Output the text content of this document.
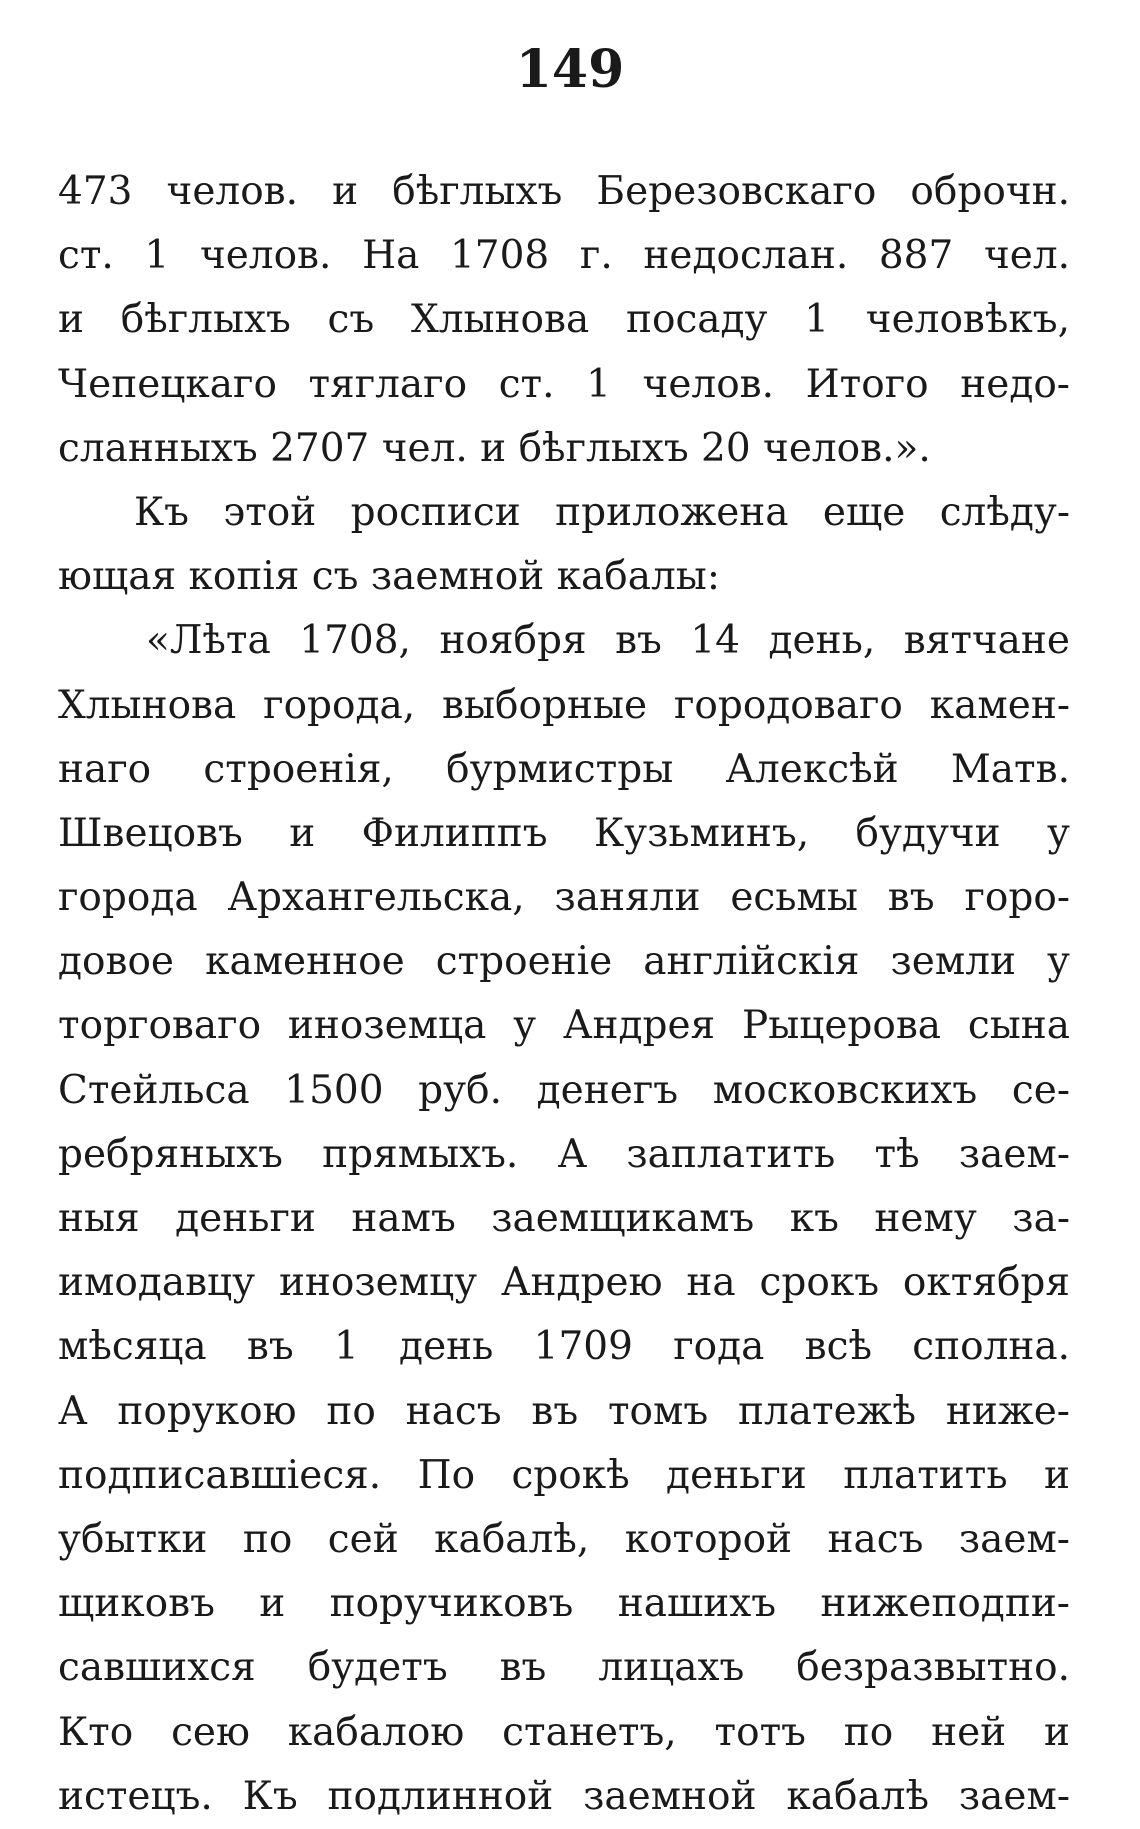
149
473 челов. и бѣглыхъ Березовскаго оброчн.
ст. 1 челов. На 1708 г. недослан. 887 чел.
и бѣглыхъ съ Хлынова посаду 1 человѣкъ,
Чепецкаго тяглаго ст. 1 челов. Итого недо-
сланныхъ 2707 чел. и бѣглыхъ 20 челов.».
Къ этой росписи приложена еще слѣду-
ющая копія съ заемной кабалы:
«Лѣта 1708, ноября въ 14 день, вятчане
Хлынова города, выборные городоваго камен-
наго строенія, бурмистры Алексѣй Матв.
Швецовъ и Филиппъ Кузьминъ, будучи у
города Архангельска, заняли есьмы въ горо-
довое каменное строеніе англійскія земли у
торговаго иноземца у Андрея Рыцерова сына
Стейльса 1500 руб. денегъ московскихъ се-
ребряныхъ прямыхъ. А заплатить тѣ заем-
ныя деньги намъ заемщикамъ къ нему за-
имодавцу иноземцу Андрею на срокъ октября
мѣсяца въ 1 день 1709 года всѣ сполна.
А порукою по насъ въ томъ платежѣ ниже-
подписавшіеся. По срокѣ деньги платить и
убытки по сей кабалѣ, которой насъ заем-
щиковъ и поручиковъ нашихъ нижеподпи-
савшихся будетъ въ лицахъ безразвытно.
Кто сею кабалою станетъ, тотъ по ней и
истецъ. Къ подлинной заемной кабалѣ заем-
